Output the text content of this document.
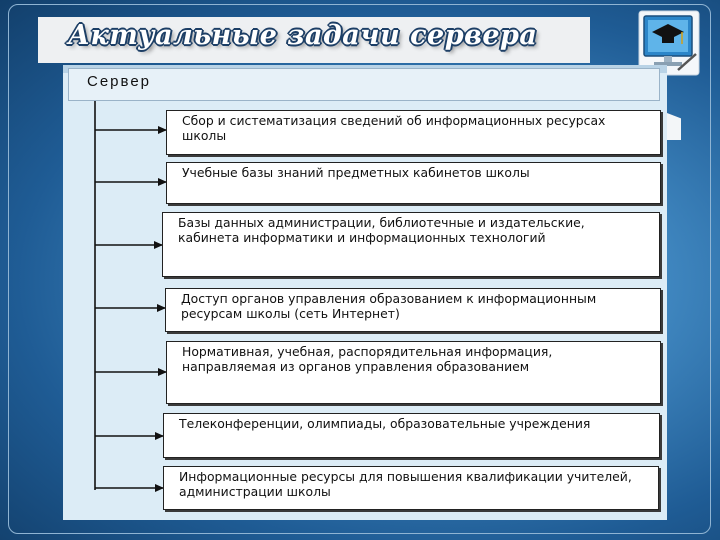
Актуальные задачи сервера
Сервер
Сбор и систематизация сведений об информационных ресурсах школы
Учебные базы знаний предметных кабинетов школы
Базы данных администрации, библиотечные и издательские, кабинета информатики и информационных технологий
Доступ органов управления образованием к информационным ресурсам школы (сеть Интернет)
Нормативная, учебная, распорядительная информация, направляемая из органов управления образованием
Телеконференции, олимпиады, образовательные учреждения
Информационные ресурсы для повышения квалификации учителей, администрации школы
